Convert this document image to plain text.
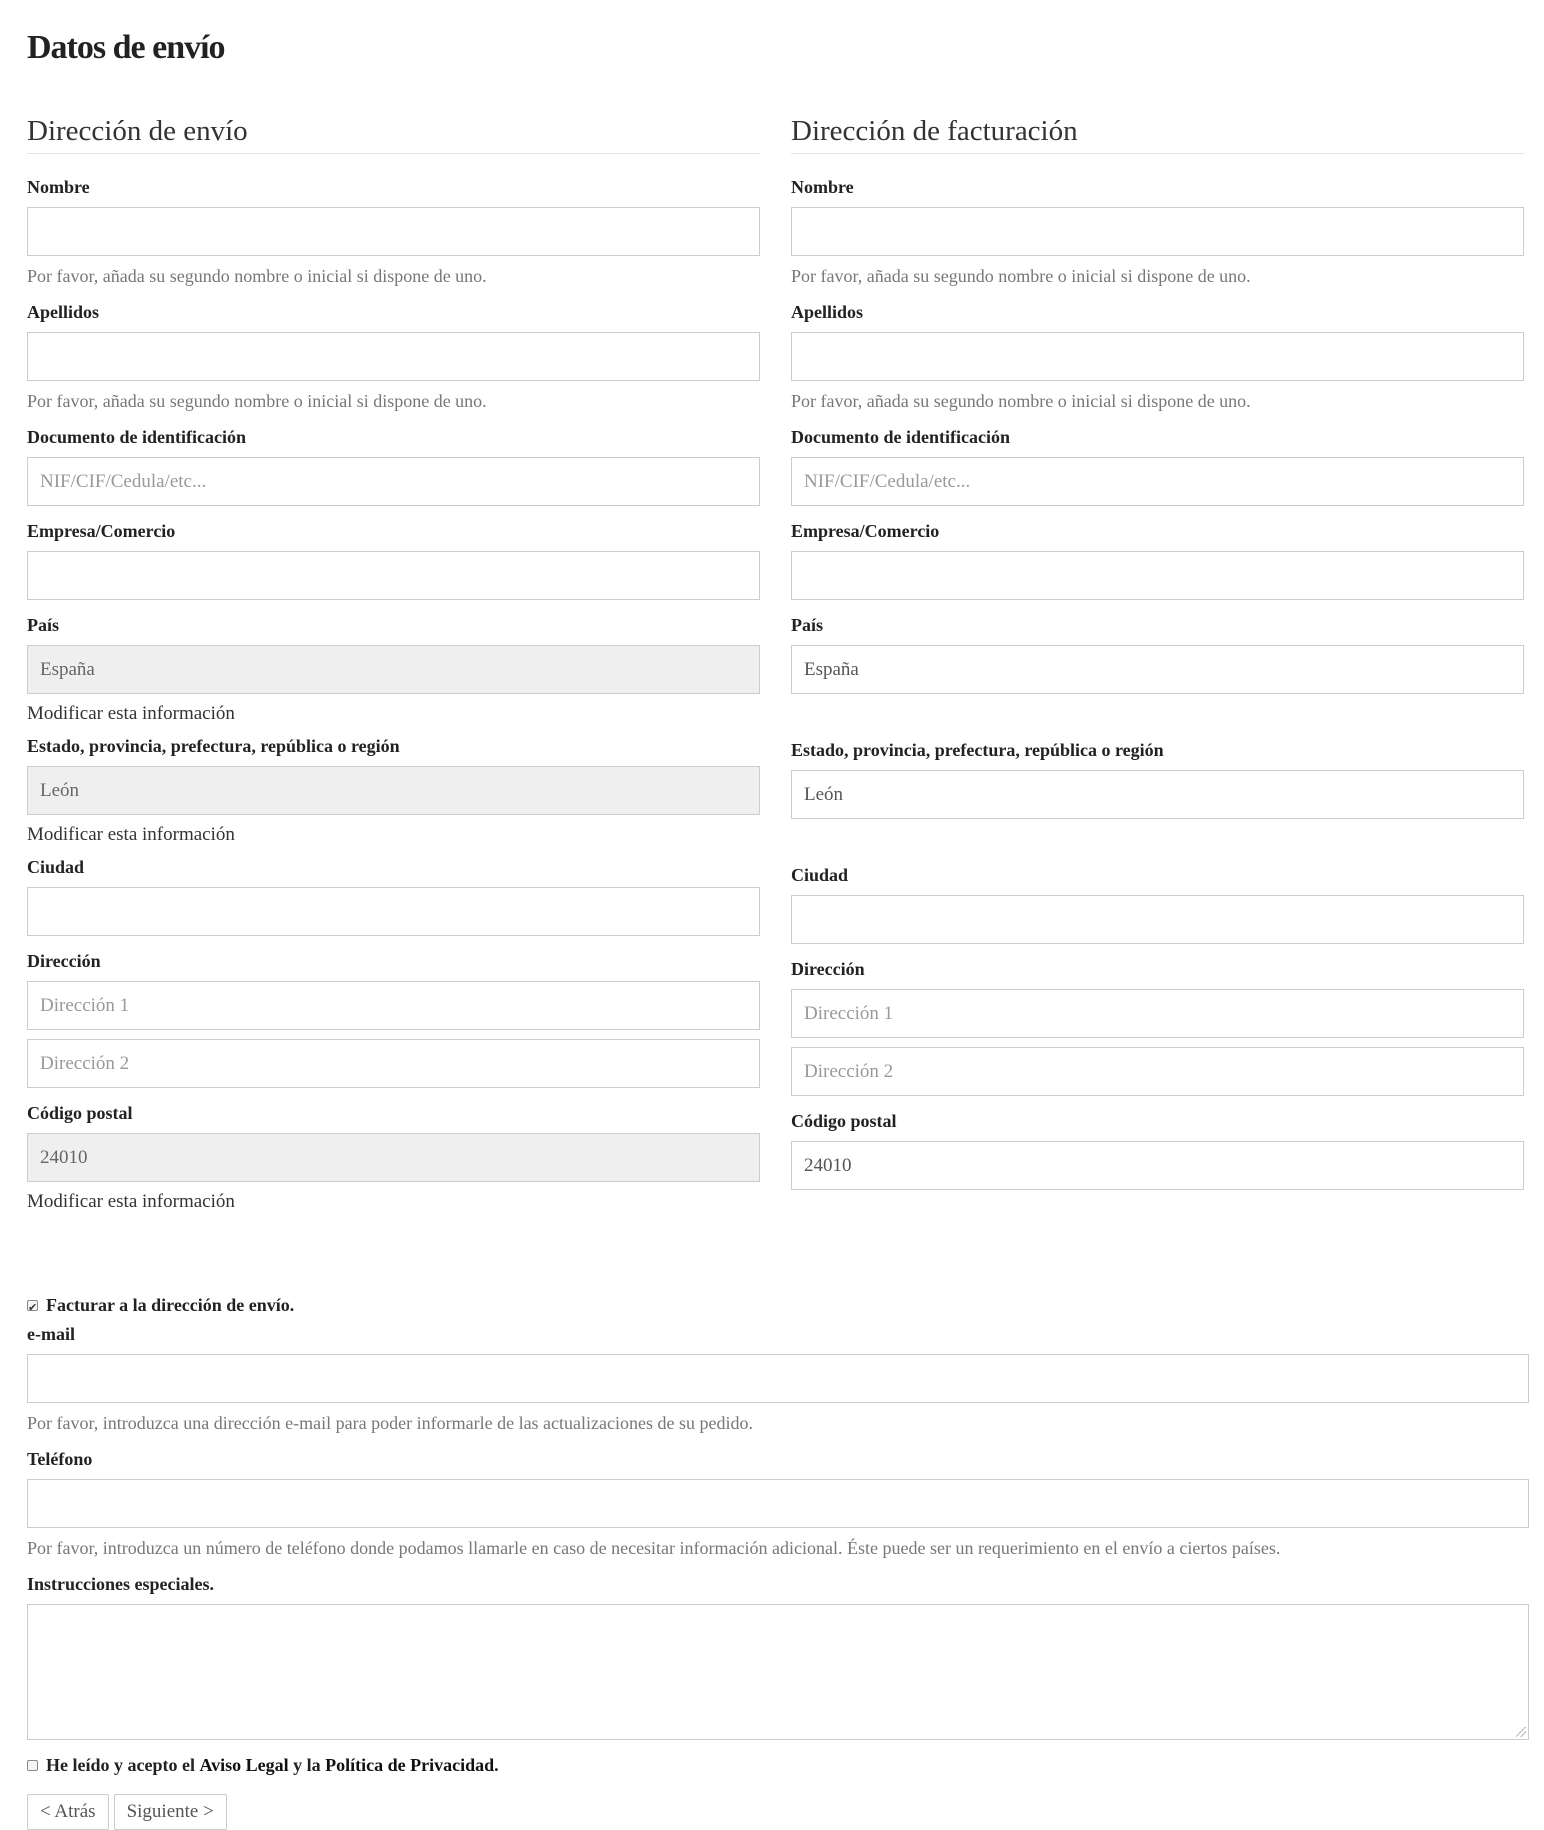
Datos de envío
Dirección de envío
Nombre
Por favor, añada su segundo nombre o inicial si dispone de uno.
Apellidos
Por favor, añada su segundo nombre o inicial si dispone de uno.
Documento de identificación
NIF/CIF/Cedula/etc...
Empresa/Comercio
País
España
Modificar esta información
Estado, provincia, prefectura, república o región
León
Modificar esta información
Ciudad
Dirección
Dirección 1
Dirección 2
Código postal
24010
Modificar esta información
Dirección de facturación
Nombre
Por favor, añada su segundo nombre o inicial si dispone de uno.
Apellidos
Por favor, añada su segundo nombre o inicial si dispone de uno.
Documento de identificación
NIF/CIF/Cedula/etc...
Empresa/Comercio
País
España
Estado, provincia, prefectura, república o región
León
Ciudad
Dirección
Dirección 1
Dirección 2
Código postal
24010
✔
Facturar a la dirección de envío.
e-mail
Por favor, introduzca una dirección e-mail para poder informarle de las actualizaciones de su pedido.
Teléfono
Por favor, introduzca un número de teléfono donde podamos llamarle en caso de necesitar información adicional. Éste puede ser un requerimiento en el envío a ciertos países.
Instrucciones especiales.
He leído y acepto el Aviso Legal y la Política de Privacidad .
< Atrás	Siguiente >
